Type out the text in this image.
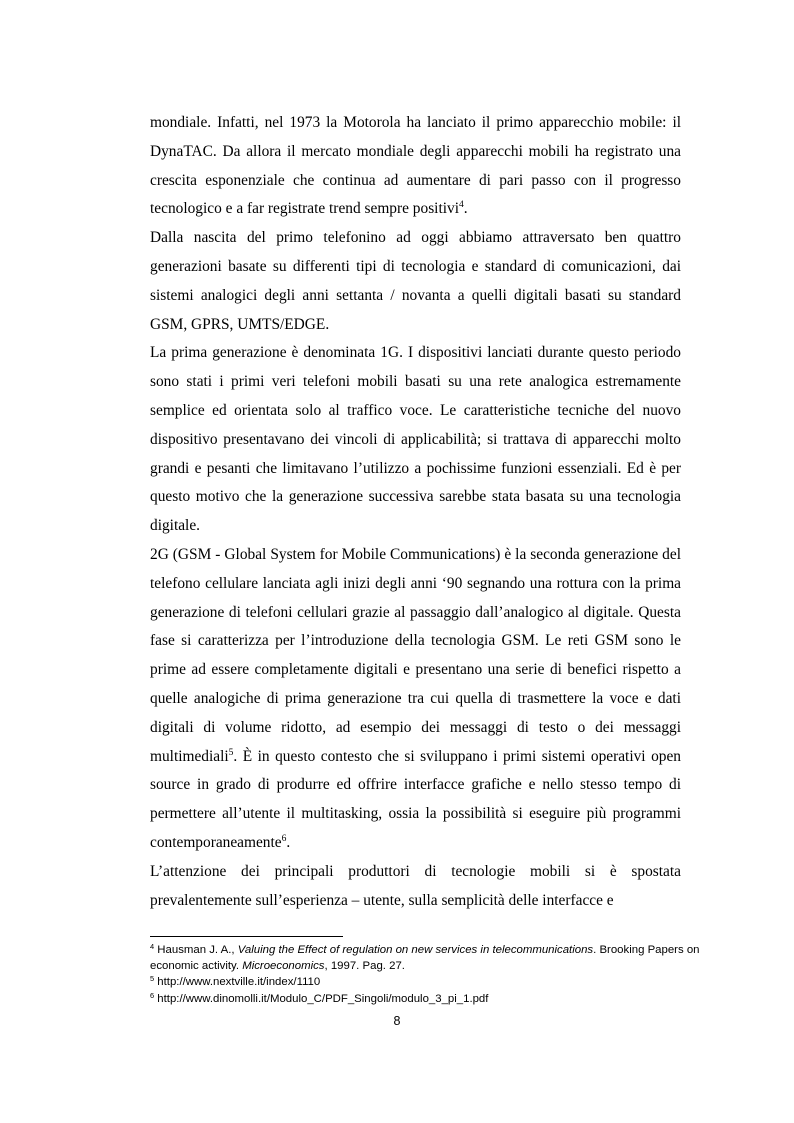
mondiale. Infatti, nel 1973 la Motorola ha lanciato il primo apparecchio mobile: il DynaTAC. Da allora il mercato mondiale degli apparecchi mobili ha registrato una crescita esponenziale che continua ad aumentare di pari passo con il progresso tecnologico e a far registrate trend sempre positivi$^4$.

Dalla nascita del primo telefonino ad oggi abbiamo attraversato ben quattro generazioni basate su differenti tipi di tecnologia e standard di comunicazioni, dai sistemi analogici degli anni settanta / novanta a quelli digitali basati su standard GSM, GPRS, UMTS/EDGE.

La prima generazione è denominata 1G. I dispositivi lanciati durante questo periodo sono stati i primi veri telefoni mobili basati su una rete analogica estremamente semplice ed orientata solo al traffico voce. Le caratteristiche tecniche del nuovo dispositivo presentavano dei vincoli di applicabilità; si trattava di apparecchi molto grandi e pesanti che limitavano l’utilizzo a pochissime funzioni essenziali. Ed è per questo motivo che la generazione successiva sarebbe stata basata su una tecnologia digitale.

2G (GSM - Global System for Mobile Communications) è la seconda generazione del telefono cellulare lanciata agli inizi degli anni ‘90 segnando una rottura con la prima generazione di telefoni cellulari grazie al passaggio dall’analogico al digitale. Questa fase si caratterizza per l’introduzione della tecnologia GSM. Le reti GSM sono le prime ad essere completamente digitali e presentano una serie di benefici rispetto a quelle analogiche di prima generazione tra cui quella di trasmettere la voce e dati digitali di volume ridotto, ad esempio dei messaggi di testo o dei messaggi multimediali$^5$. È in questo contesto che si sviluppano i primi sistemi operativi open source in grado di produrre ed offrire interfacce grafiche e nello stesso tempo di permettere all’utente il multitasking, ossia la possibilità si eseguire più programmi contemporaneamente$^6$.

L’attenzione dei principali produttori di tecnologie mobili si è spostata prevalentemente sull’esperienza – utente, sulla semplicità delle interfacce e

$^4$ Hausman J. A., Valuing the Effect of regulation on new services in telecommunications. Brooking Papers on economic activity. Microeconomics, 1997. Pag. 27.

$^5$ http://www.nextville.it/index/1110

$^6$ http://www.dinomolli.it/Modulo_C/PDF_Singoli/modulo_3_pi_1.pdf

8
